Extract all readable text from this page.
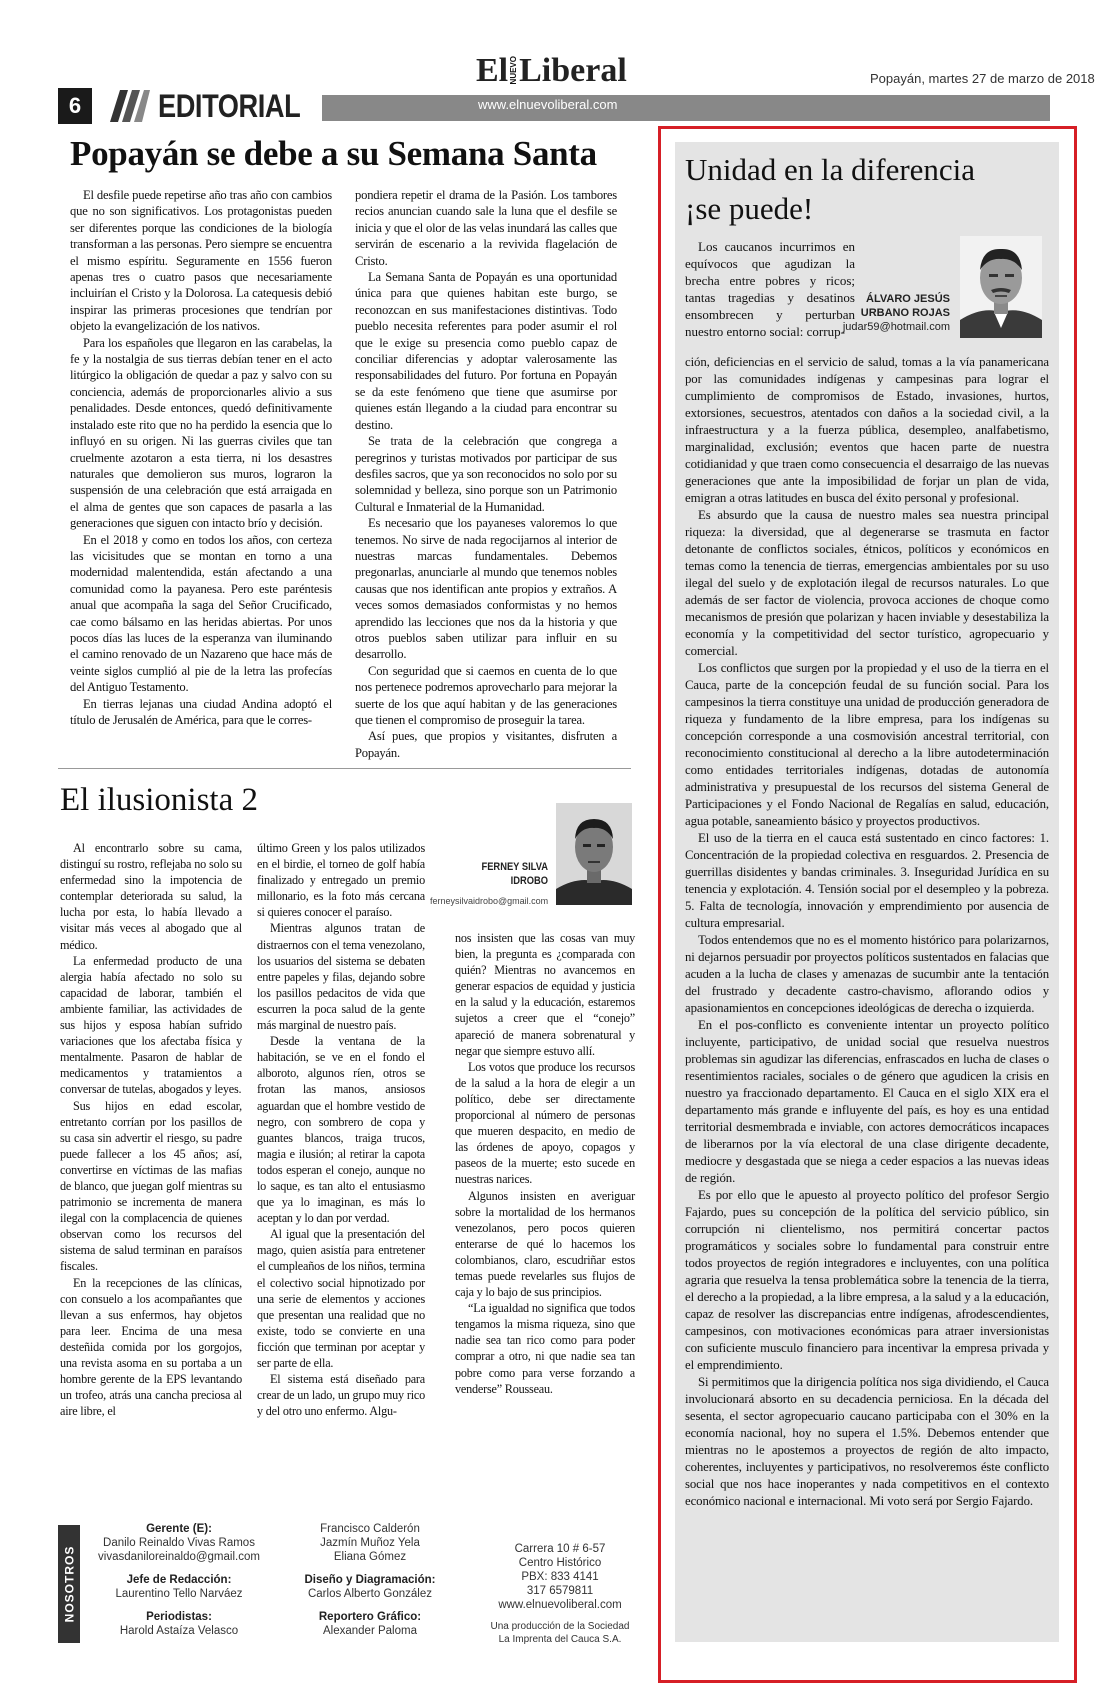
6	EDITORIAL	www.elnuevoliberal.com
El NUEVO Liberal	Popayán, martes 27 de marzo de 2018
Popayán se debe a su Semana Santa

El desfile puede repetirse año tras año con cambios que no son significativos. Los protagonistas pueden ser diferentes porque las condiciones de la biología transforman a las personas. Pero siempre se encuentra el mismo espíritu. Seguramente en 1556 fueron apenas tres o cuatro pasos que necesariamente incluirían el Cristo y la Dolorosa. La catequesis debió inspirar las primeras procesiones que tendrían por objeto la evangelización de los nativos.

Para los españoles que llegaron en las carabelas, la fe y la nostalgia de sus tierras debían tener en el acto litúrgico la obligación de quedar a paz y salvo con su conciencia, además de proporcionarles alivio a sus penalidades. Desde entonces, quedó definitivamente instalado este rito que no ha perdido la esencia que lo influyó en su origen. Ni las guerras civiles que tan cruelmente azotaron a esta tierra, ni los desastres naturales que demolieron sus muros, lograron la suspensión de una celebración que está arraigada en el alma de gentes que son capaces de pasarla a las generaciones que siguen con intacto brío y decisión.

En el 2018 y como en todos los años, con certeza las vicisitudes que se montan en torno a una modernidad malentendida, están afectando a una comunidad como la payanesa. Pero este paréntesis anual que acompaña la saga del Señor Crucificado, cae como bálsamo en las heridas abiertas. Por unos pocos días las luces de la esperanza van iluminando el camino renovado de un Nazareno que hace más de veinte siglos cumplió al pie de la letra las profecías del Antiguo Testamento.

En tierras lejanas una ciudad Andina adoptó el título de Jerusalén de América, para que le corres-

pondiera repetir el drama de la Pasión. Los tambores recios anuncian cuando sale la luna que el desfile se inicia y que el olor de las velas inundará las calles que servirán de escenario a la revivida flagelación de Cristo.

La Semana Santa de Popayán es una oportunidad única para que quienes habitan este burgo, se reconozcan en sus manifestaciones distintivas. Todo pueblo necesita referentes para poder asumir el rol que le exige su presencia como pueblo capaz de conciliar diferencias y adoptar valerosamente las responsabilidades del futuro. Por fortuna en Popayán se da este fenómeno que tiene que asumirse por quienes están llegando a la ciudad para encontrar su destino.

Se trata de la celebración que congrega a peregrinos y turistas motivados por participar de sus desfiles sacros, que ya son reconocidos no solo por su solemnidad y belleza, sino porque son un Patrimonio Cultural e Inmaterial de la Humanidad.

Es necesario que los payaneses valoremos lo que tenemos. No sirve de nada regocijarnos al interior de nuestras marcas fundamentales. Debemos pregonarlas, anunciarle al mundo que tenemos nobles causas que nos identifican ante propios y extraños. A veces somos demasiados conformistas y no hemos aprendido las lecciones que nos da la historia y que otros pueblos saben utilizar para influir en su desarrollo.

Con seguridad que si caemos en cuenta de lo que nos pertenece podremos aprovecharlo para mejorar la suerte de los que aquí habitan y de las generaciones que tienen el compromiso de proseguir la tarea.

Así pues, que propios y visitantes, disfruten a Popayán.

El ilusionista 2
FERNEY SILVA
IDROBO
ferneysilvaidrobo@gmail.com

Al encontrarlo sobre su cama, distinguí su rostro, reflejaba no solo su enfermedad sino la impotencia de contemplar deteriorada su salud, la lucha por esta, lo había llevado a visitar más veces al abogado que al médico.

La enfermedad producto de una alergia había afectado no solo su capacidad de laborar, también el ambiente familiar, las actividades de sus hijos y esposa habían sufrido variaciones que los afectaba física y mentalmente. Pasaron de hablar de medicamentos y tratamientos a conversar de tutelas, abogados y leyes.

Sus hijos en edad escolar, entretanto corrían por los pasillos de su casa sin advertir el riesgo, su padre puede fallecer a los 45 años; así, convertirse en víctimas de las mafias de blanco, que juegan golf mientras su patrimonio se incrementa de manera ilegal con la complacencia de quienes observan como los recursos del sistema de salud terminan en paraísos fiscales.

En la recepciones de las clínicas, con consuelo a los acompañantes que llevan a sus enfermos, hay objetos para leer. Encima de una mesa desteñida comida por los gorgojos, una revista asoma en su portaba a un hombre gerente de la EPS levantando un trofeo, atrás una cancha preciosa al aire libre, el

último Green y los palos utilizados en el birdie, el torneo de golf había finalizado y entregado un premio millonario, es la foto más cercana si quieres conocer el paraíso.

Mientras algunos tratan de distraernos con el tema venezolano, los usuarios del sistema se debaten entre papeles y filas, dejando sobre los pasillos pedacitos de vida que escurren la poca salud de la gente más marginal de nuestro país.

Desde la ventana de la habitación, se ve en el fondo el alboroto, algunos ríen, otros se frotan las manos, ansiosos aguardan que el hombre vestido de negro, con sombrero de copa y guantes blancos, traiga trucos, magia e ilusión; al retirar la capota todos esperan el conejo, aunque no lo saque, es tan alto el entusiasmo que ya lo imaginan, es más lo aceptan y lo dan por verdad.

Al igual que la presentación del mago, quien asistía para entretener el cumpleaños de los niños, termina el colectivo social hipnotizado por una serie de elementos y acciones que presentan una realidad que no existe, todo se convierte en una ficción que terminan por aceptar y ser parte de ella.

El sistema está diseñado para crear de un lado, un grupo muy rico y del otro uno enfermo. Algu-

nos insisten que las cosas van muy bien, la pregunta es ¿comparada con quién? Mientras no avancemos en generar espacios de equidad y justicia en la salud y la educación, estaremos sujetos a creer que el “conejo” apareció de manera sobrenatural y negar que siempre estuvo allí.

Los votos que produce los recursos de la salud a la hora de elegir a un político, debe ser directamente proporcional al número de personas que mueren despacito, en medio de las órdenes de apoyo, copagos y paseos de la muerte; esto sucede en nuestras narices.

Algunos insisten en averiguar sobre la mortalidad de los hermanos venezolanos, pero pocos quieren enterarse de qué lo hacemos los colombianos, claro, escudriñar estos temas puede revelarles sus flujos de caja y lo bajo de sus principios.

“La igualdad no significa que todos tengamos la misma riqueza, sino que nadie sea tan rico como para poder comprar a otro, ni que nadie sea tan pobre como para verse forzando a venderse” Rousseau.

NOSOTROS
Gerente (E):
Danilo Reinaldo Vivas Ramos
vivasdaniloreinaldo@gmail.com
Jefe de Redacción:
Laurentino Tello Narváez
Periodistas:
Harold Astaíza Velasco
Francisco Calderón
Jazmín Muñoz Yela
Eliana Gómez
Diseño y Diagramación:
Carlos Alberto González
Reportero Gráfico:
Alexander Paloma
Carrera 10 # 6-57
Centro Histórico
PBX: 833 4141
317 6579811
www.elnuevoliberal.com
Una producción de la Sociedad
La Imprenta del Cauca S.A.
Unidad en la diferencia
¡se puede!

Los caucanos incurrimos en equívocos que agudizan la brecha entre pobres y ricos; tantas tragedias y desatinos ensombrecen y perturban nuestro entorno social: corrup-

ÁLVARO JESÚS
URBANO ROJAS
judar59@hotmail.com

ción, deficiencias en el servicio de salud, tomas a la vía panamericana por las comunidades indígenas y campesinas para lograr el cumplimiento de compromisos de Estado, invasiones, hurtos, extorsiones, secuestros, atentados con daños a la sociedad civil, a la infraestructura y a la fuerza pública, desempleo, analfabetismo, marginalidad, exclusión; eventos que hacen parte de nuestra cotidianidad y que traen como consecuencia el desarraigo de las nuevas generaciones que ante la imposibilidad de forjar un plan de vida, emigran a otras latitudes en busca del éxito personal y profesional.

Es absurdo que la causa de nuestro males sea nuestra principal riqueza: la diversidad, que al degenerarse se trasmuta en factor detonante de conflictos sociales, étnicos, políticos y económicos en temas como la tenencia de tierras, emergencias ambientales por su uso ilegal del suelo y de explotación ilegal de recursos naturales. Lo que además de ser factor de violencia, provoca acciones de choque como mecanismos de presión que polarizan y hacen inviable y desestabiliza la economía y la competitividad del sector turístico, agropecuario y comercial.

Los conflictos que surgen por la propiedad y el uso de la tierra en el Cauca, parte de la concepción feudal de su función social. Para los campesinos la tierra constituye una unidad de producción generadora de riqueza y fundamento de la libre empresa, para los indígenas su concepción corresponde a una cosmovisión ancestral territorial, con reconocimiento constitucional al derecho a la libre autodeterminación como entidades territoriales indígenas, dotadas de autonomía administrativa y presupuestal de los recursos del sistema General de Participaciones y el Fondo Nacional de Regalías en salud, educación, agua potable, saneamiento básico y proyectos productivos.

El uso de la tierra en el cauca está sustentado en cinco factores: 1. Concentración de la propiedad colectiva en resguardos. 2. Presencia de guerrillas disidentes y bandas criminales. 3. Inseguridad Jurídica en su tenencia y explotación. 4. Tensión social por el desempleo y la pobreza. 5. Falta de tecnología, innovación y emprendimiento por ausencia de cultura empresarial.

Todos entendemos que no es el momento histórico para polarizarnos, ni dejarnos persuadir por proyectos políticos sustentados en falacias que acuden a la lucha de clases y amenazas de sucumbir ante la tentación del frustrado y decadente castro-chavismo, aflorando odios y apasionamientos en concepciones ideológicas de derecha o izquierda.

En el pos-conflicto es conveniente intentar un proyecto político incluyente, participativo, de unidad social que resuelva nuestros problemas sin agudizar las diferencias, enfrascados en lucha de clases o resentimientos raciales, sociales o de género que agudicen la crisis en nuestro ya fraccionado departamento. El Cauca en el siglo XIX era el departamento más grande e influyente del país, es hoy es una entidad territorial desmembrada e inviable, con actores democráticos incapaces de liberarnos por la vía electoral de una clase dirigente decadente, mediocre y desgastada que se niega a ceder espacios a las nuevas ideas de región.

Es por ello que le apuesto al proyecto político del profesor Sergio Fajardo, pues su concepción de la política del servicio público, sin corrupción ni clientelismo, nos permitirá concertar pactos programáticos y sociales sobre lo fundamental para construir entre todos proyectos de región integradores e incluyentes, con una política agraria que resuelva la tensa problemática sobre la tenencia de la tierra, el derecho a la propiedad, a la libre empresa, a la salud y a la educación, capaz de resolver las discrepancias entre indígenas, afrodescendientes, campesinos, con motivaciones económicas para atraer inversionistas con suficiente musculo financiero para incentivar la empresa privada y el emprendimiento.

Si permitimos que la dirigencia política nos siga dividiendo, el Cauca involucionará absorto en su decadencia perniciosa. En la década del sesenta, el sector agropecuario caucano participaba con el 30% en la economía nacional, hoy no supera el 1.5%. Debemos entender que mientras no le apostemos a proyectos de región de alto impacto, coherentes, incluyentes y participativos, no resolveremos éste conflicto social que nos hace inoperantes y nada competitivos en el contexto económico nacional e internacional. Mi voto será por Sergio Fajardo.
